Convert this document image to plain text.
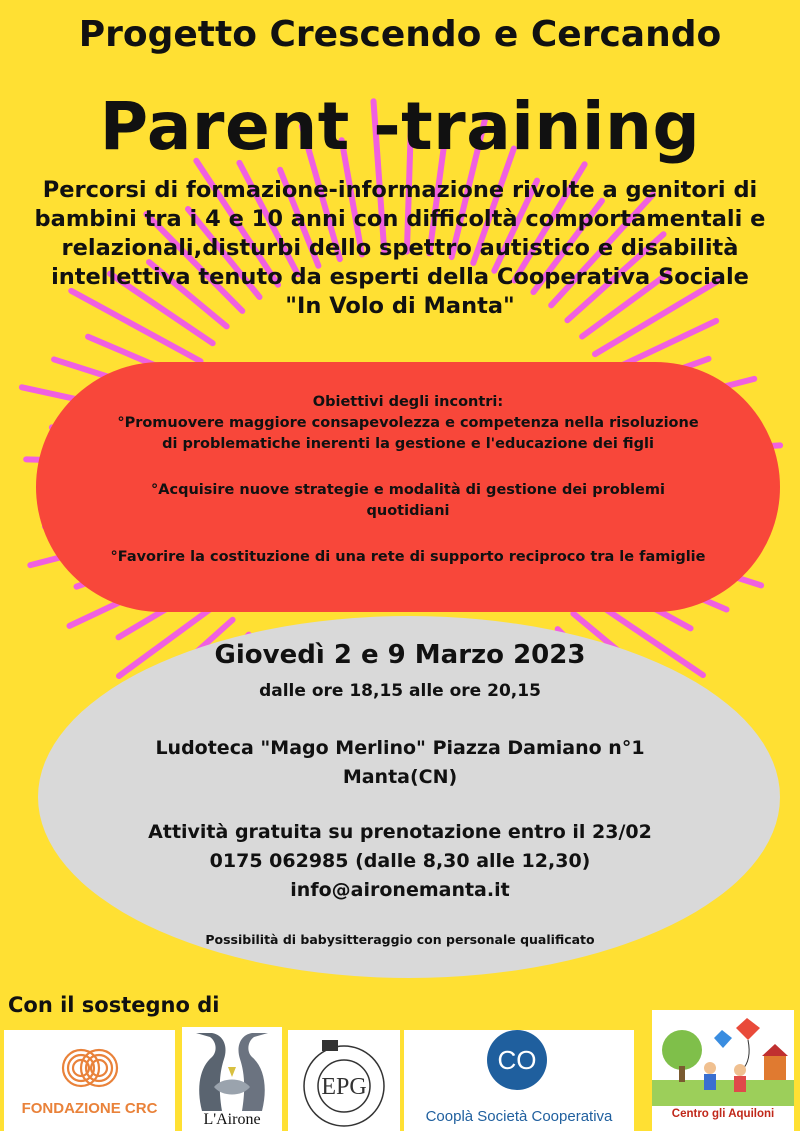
Progetto Crescendo e Cercando
Parent -training
Percorsi di formazione-informazione rivolte a genitori di
bambini tra i 4 e 10 anni con difficoltà comportamentali e
relazionali,disturbi dello spettro autistico e disabilità
intellettiva tenuto da esperti della Cooperativa Sociale
"In Volo di Manta"
Obiettivi degli incontri:

°Promuovere maggiore consapevolezza e competenza nella risoluzione
di problematiche inerenti la gestione e l'educazione dei figli

°Acquisire nuove strategie e modalità di gestione dei problemi
quotidiani

°Favorire la costituzione di una rete di supporto reciproco tra le famiglie

Giovedì 2 e 9 Marzo 2023
dalle ore 18,15 alle ore 20,15
Ludoteca "Mago Merlino" Piazza Damiano n°1
Manta(CN)
Attività gratuita su prenotazione entro il 23/02
0175 062985 (dalle 8,30 alle 12,30)
info@aironemanta.it
Possibilità di babysitteraggio con personale qualificato
Con il sostegno di
FONDAZIONE CRC
L'Airone
EPG
CO
Cooplà Società Cooperativa	Centro gli Aquiloni
